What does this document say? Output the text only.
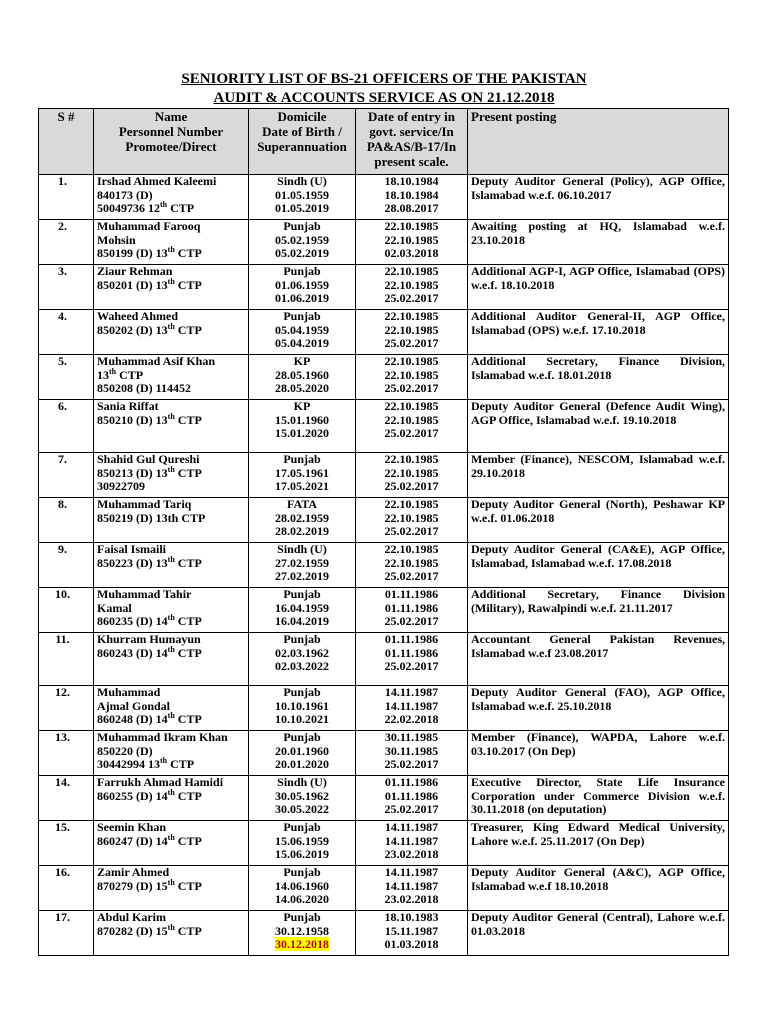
SENIORITY LIST OF BS-21 OFFICERS OF THE PAKISTAN
AUDIT & ACCOUNTS SERVICE AS ON 21.12.2018
S #	Name
Personnel Number
Promotee/Direct	Domicile
Date of Birth /
Superannuation	Date of entry in
govt. service/In
PA&AS/B-17/In
present scale.	Present posting
1.	Irshad Ahmed Kaleemi
840173 (D)
50049736 12th CTP	Sindh (U)
01.05.1959
01.05.2019	18.10.1984
18.10.1984
28.08.2017	Deputy Auditor General (Policy), AGP Office, Islamabad w.e.f. 06.10.2017
2.	Muhammad Farooq
Mohsin
850199 (D) 13th CTP	Punjab
05.02.1959
05.02.2019	22.10.1985
22.10.1985
02.03.2018	Awaiting posting at HQ, Islamabad w.e.f. 23.10.2018
3.	Ziaur Rehman
850201 (D) 13th CTP	Punjab
01.06.1959
01.06.2019	22.10.1985
22.10.1985
25.02.2017	Additional AGP-I, AGP Office, Islamabad (OPS) w.e.f. 18.10.2018
4.	Waheed Ahmed
850202 (D) 13th CTP	Punjab
05.04.1959
05.04.2019	22.10.1985
22.10.1985
25.02.2017	Additional Auditor General-II, AGP Office, Islamabad (OPS) w.e.f. 17.10.2018
5.	Muhammad Asif Khan
13th CTP
850208 (D) 114452	KP
28.05.1960
28.05.2020	22.10.1985
22.10.1985
25.02.2017	Additional Secretary, Finance Division, Islamabad w.e.f. 18.01.2018
6.	Sania Riffat
850210 (D) 13th CTP	KP
15.01.1960
15.01.2020	22.10.1985
22.10.1985
25.02.2017	Deputy Auditor General (Defence Audit Wing), AGP Office, Islamabad w.e.f. 19.10.2018
7.	Shahid Gul Qureshi
850213 (D) 13th CTP
30922709	Punjab
17.05.1961
17.05.2021	22.10.1985
22.10.1985
25.02.2017	Member (Finance), NESCOM, Islamabad w.e.f. 29.10.2018
8.	Muhammad Tariq
850219 (D) 13th CTP	FATA
28.02.1959
28.02.2019	22.10.1985
22.10.1985
25.02.2017	Deputy Auditor General (North), Peshawar KP w.e.f. 01.06.2018
9.	Faisal Ismaili
850223 (D) 13th CTP	Sindh (U)
27.02.1959
27.02.2019	22.10.1985
22.10.1985
25.02.2017	Deputy Auditor General (CA&E), AGP Office, Islamabad, Islamabad w.e.f. 17.08.2018
10.	Muhammad Tahir
Kamal
860235 (D) 14th CTP	Punjab
16.04.1959
16.04.2019	01.11.1986
01.11.1986
25.02.2017	Additional Secretary, Finance Division (Military), Rawalpindi w.e.f. 21.11.2017
11.	Khurram Humayun
860243 (D) 14th CTP	Punjab
02.03.1962
02.03.2022	01.11.1986
01.11.1986
25.02.2017	Accountant General Pakistan Revenues, Islamabad w.e.f 23.08.2017
12.	Muhammad
Ajmal Gondal
860248 (D) 14th CTP	Punjab
10.10.1961
10.10.2021	14.11.1987
14.11.1987
22.02.2018	Deputy Auditor General (FAO), AGP Office, Islamabad w.e.f. 25.10.2018
13.	Muhammad Ikram Khan
850220 (D)
30442994 13th CTP	Punjab
20.01.1960
20.01.2020	30.11.1985
30.11.1985
25.02.2017	Member (Finance), WAPDA, Lahore w.e.f. 03.10.2017 (On Dep)
14.	Farrukh Ahmad Hamidi
860255 (D) 14th CTP	Sindh (U)
30.05.1962
30.05.2022	01.11.1986
01.11.1986
25.02.2017	Executive Director, State Life Insurance Corporation under Commerce Division w.e.f. 30.11.2018 (on deputation)
15.	Seemin Khan
860247 (D) 14th CTP	Punjab
15.06.1959
15.06.2019	14.11.1987
14.11.1987
23.02.2018	Treasurer, King Edward Medical University, Lahore w.e.f. 25.11.2017 (On Dep)
16.	Zamir Ahmed
870279 (D) 15th CTP	Punjab
14.06.1960
14.06.2020	14.11.1987
14.11.1987
23.02.2018	Deputy Auditor General (A&C), AGP Office, Islamabad w.e.f 18.10.2018
17.	Abdul Karim
870282 (D) 15th CTP	Punjab
30.12.1958
30.12.2018	18.10.1983
15.11.1987
01.03.2018	Deputy Auditor General (Central), Lahore w.e.f. 01.03.2018
